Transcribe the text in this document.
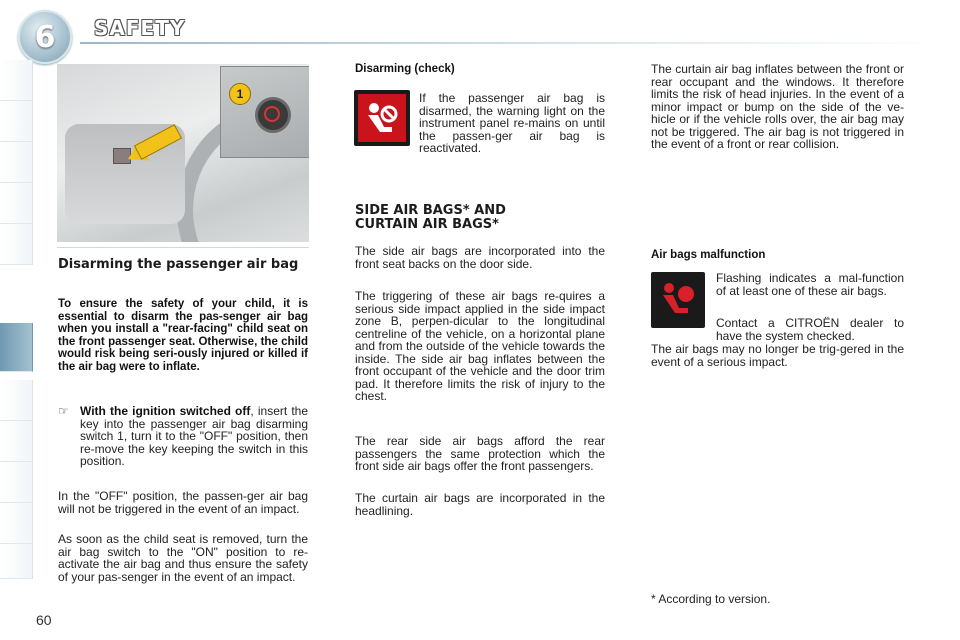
6 SAFETY
1
Disarming the passenger air bag
To ensure the safety of your child, it is essential to disarm the pas-senger air bag when you install a "rear-facing" child seat on the front passenger seat. Otherwise, the child would risk being seri-ously injured or killed if the air bag were to inflate.
☞ With the ignition switched off, insert the key into the passenger air bag disarming switch 1, turn it to the "OFF" position, then re-move the key keeping the switch in this position.
In the "OFF" position, the passen-ger air bag will not be triggered in the event of an impact.
As soon as the child seat is removed, turn the air bag switch to the "ON" position to re-activate the air bag and thus ensure the safety of your pas-senger in the event of an impact.
Disarming (check)
If the passenger air bag is disarmed, the warning light on the instrument panel re-mains on until the passen-ger air bag is reactivated.
SIDE AIR BAGS* AND CURTAIN AIR BAGS*
The side air bags are incorporated into the front seat backs on the door side.
The triggering of these air bags re-quires a serious side impact applied in the side impact zone B, perpen-dicular to the longitudinal centreline of the vehicle, on a horizontal plane and from the outside of the vehicle towards the inside. The side air bag inflates between the front occupant of the vehicle and the door trim pad. It therefore limits the risk of injury to the chest.
The rear side air bags afford the rear passengers the same protection which the front side air bags offer the front passengers.
The curtain air bags are incorporated in the headlining.
The curtain air bag inflates between the front or rear occupant and the windows. It therefore limits the risk of head injuries. In the event of a minor impact or bump on the side of the ve-hicle or if the vehicle rolls over, the air bag may not be triggered. The air bag is not triggered in the event of a front or rear collision.
Air bags malfunction
Flashing indicates a mal-function of at least one of these air bags.
Contact a CITROËN dealer to have the system checked.
The air bags may no longer be trig-gered in the event of a serious impact.
* According to version.
60
